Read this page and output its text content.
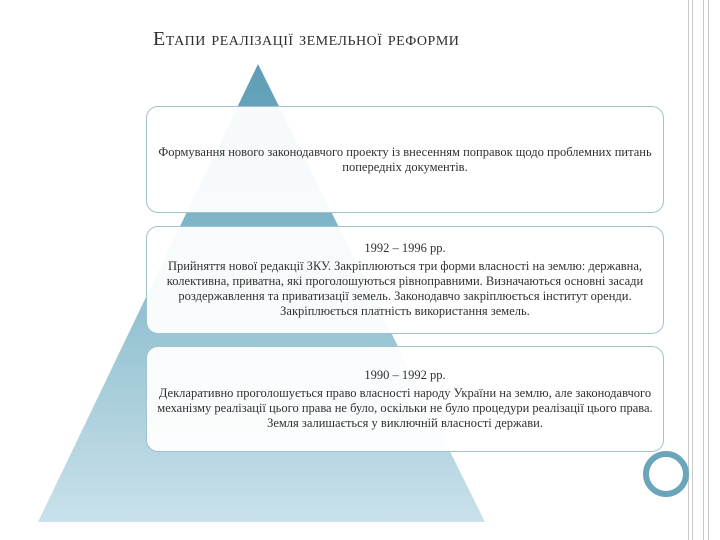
Етапи реалізації земельної реформи
Формування нового законодавчого проекту із внесенням поправок щодо проблемних питань попередніх документів.
1992 – 1996 рр.
Прийняття нової редакції ЗКУ. Закріплюються три форми власності на землю: державна, колективна, приватна, які проголошуються рівноправними. Визначаються основні засади роздержавлення та приватизації земель. Законодавчо закріплюється інститут оренди. Закріплюється платність використання земель.
1990 – 1992 рр.
Декларативно проголошується право власності народу України на землю, але законодавчого механізму реалізації цього права не було, оскільки не було процедури реалізації цього права. Земля залишається у виключній власності держави.
